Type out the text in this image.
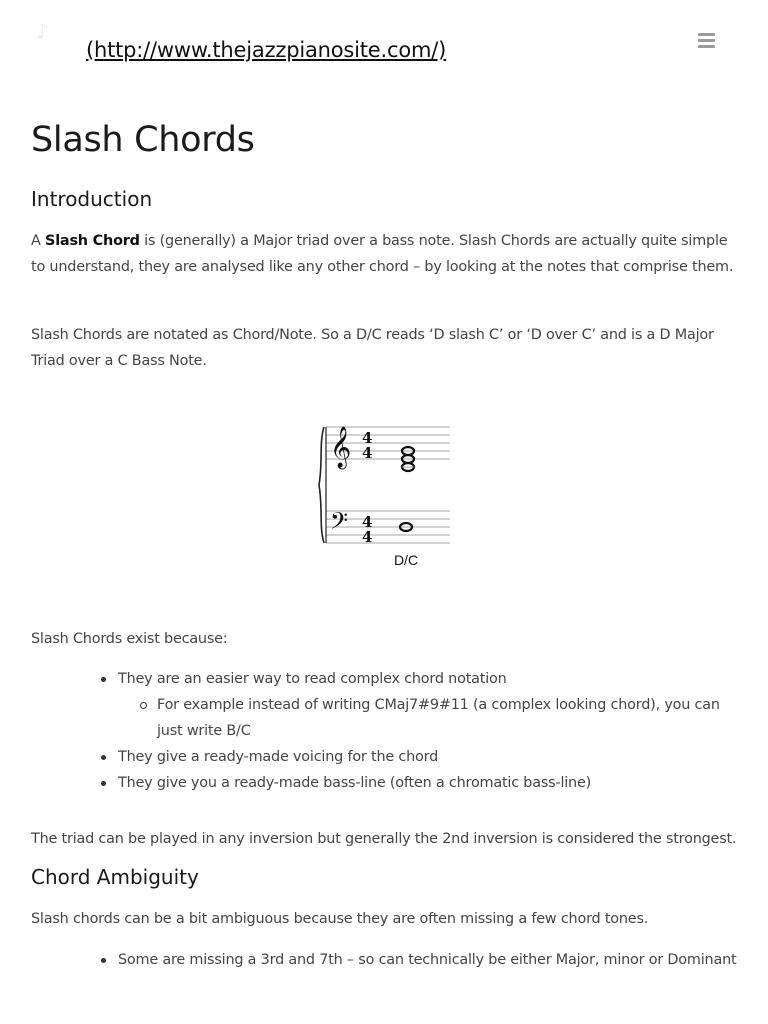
♪
(http://www.thejazzpianosite.com/)
Slash Chords
Introduction

A Slash Chord is (generally) a Major triad over a bass note. Slash Chords are actually quite simple to understand, they are analysed like any other chord – by looking at the notes that comprise them.

Slash Chords are notated as Chord/Note. So a D/C reads ‘D slash C’ or ‘D over C’ and is a D Major Triad over a C Bass Note.

Slash Chords exist because:

They are an easier way to read complex chord notation
For example instead of writing CMaj7#9#11 (a complex looking chord), you can just write B/C
They give a ready-made voicing for the chord
They give you a ready-made bass-line (often a chromatic bass-line)

The triad can be played in any inversion but generally the 2nd inversion is considered the strongest.

Chord Ambiguity

Slash chords can be a bit ambiguous because they are often missing a few chord tones.

Some are missing a 3rd and 7th – so can technically be either Major, minor or Dominant
𝄞
𝄢
4
4
4
4
D/C
